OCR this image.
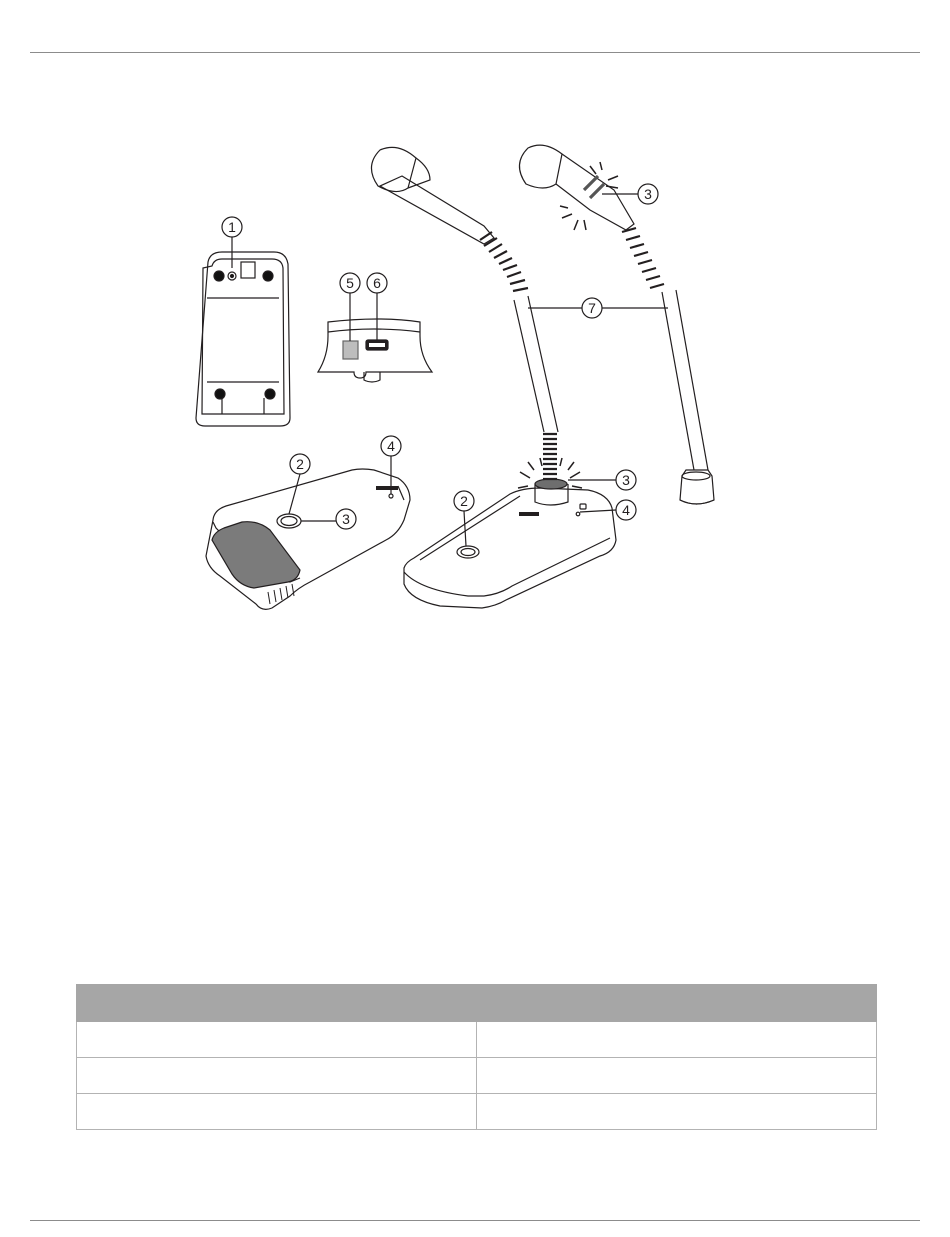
1
5 6
3
7
4
2
3
3
4
2
